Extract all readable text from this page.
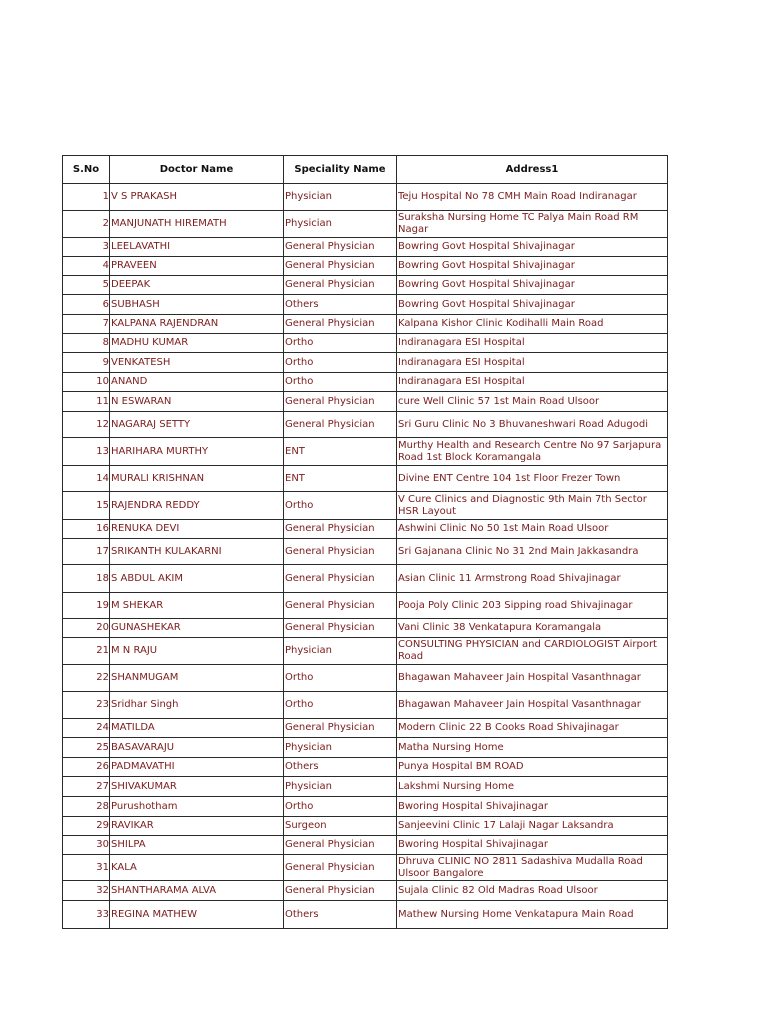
S.No	Doctor Name	Speciality Name	Address1
1	V S PRAKASH	Physician	Teju Hospital No 78 CMH Main Road Indiranagar
2	MANJUNATH HIREMATH	Physician	Suraksha Nursing Home TC Palya Main Road RM Nagar
3	LEELAVATHI	General Physician	Bowring Govt Hospital Shivajinagar
4	PRAVEEN	General Physician	Bowring Govt Hospital Shivajinagar
5	DEEPAK	General Physician	Bowring Govt Hospital Shivajinagar
6	SUBHASH	Others	Bowring Govt Hospital Shivajinagar
7	KALPANA RAJENDRAN	General Physician	Kalpana Kishor Clinic Kodihalli Main Road
8	MADHU KUMAR	Ortho	Indiranagara ESI Hospital
9	VENKATESH	Ortho	Indiranagara ESI Hospital
10	ANAND	Ortho	Indiranagara ESI Hospital
11	N ESWARAN	General Physician	cure Well Clinic 57 1st Main Road Ulsoor
12	NAGARAJ SETTY	General Physician	Sri Guru Clinic No 3 Bhuvaneshwari Road Adugodi
13	HARIHARA MURTHY	ENT	Murthy Health and Research Centre No 97 Sarjapura Road 1st Block Koramangala
14	MURALI KRISHNAN	ENT	Divine ENT Centre 104 1st Floor Frezer Town
15	RAJENDRA REDDY	Ortho	V Cure Clinics and Diagnostic 9th Main 7th Sector HSR Layout
16	RENUKA DEVI	General Physician	Ashwini Clinic No 50 1st Main Road Ulsoor
17	SRIKANTH KULAKARNI	General Physician	Sri Gajanana Clinic No 31 2nd Main Jakkasandra
18	S ABDUL AKIM	General Physician	Asian Clinic 11 Armstrong Road Shivajinagar
19	M SHEKAR	General Physician	Pooja Poly Clinic 203 Sipping road Shivajinagar
20	GUNASHEKAR	General Physician	Vani Clinic 38 Venkatapura Koramangala
21	M N RAJU	Physician	CONSULTING PHYSICIAN and CARDIOLOGIST Airport Road
22	SHANMUGAM	Ortho	Bhagawan Mahaveer Jain Hospital Vasanthnagar
23	Sridhar Singh	Ortho	Bhagawan Mahaveer Jain Hospital Vasanthnagar
24	MATILDA	General Physician	Modern Clinic 22 B Cooks Road Shivajinagar
25	BASAVARAJU	Physician	Matha Nursing Home
26	PADMAVATHI	Others	Punya Hospital BM ROAD
27	SHIVAKUMAR	Physician	Lakshmi Nursing Home
28	Purushotham	Ortho	Bworing Hospital Shivajinagar
29	RAVIKAR	Surgeon	Sanjeevini Clinic 17 Lalaji Nagar Laksandra
30	SHILPA	General Physician	Bworing Hospital Shivajinagar
31	KALA	General Physician	Dhruva CLINIC NO 2811 Sadashiva Mudalla Road Ulsoor Bangalore
32	SHANTHARAMA ALVA	General Physician	Sujala Clinic 82 Old Madras Road Ulsoor
33	REGINA MATHEW	Others	Mathew Nursing Home Venkatapura Main Road
